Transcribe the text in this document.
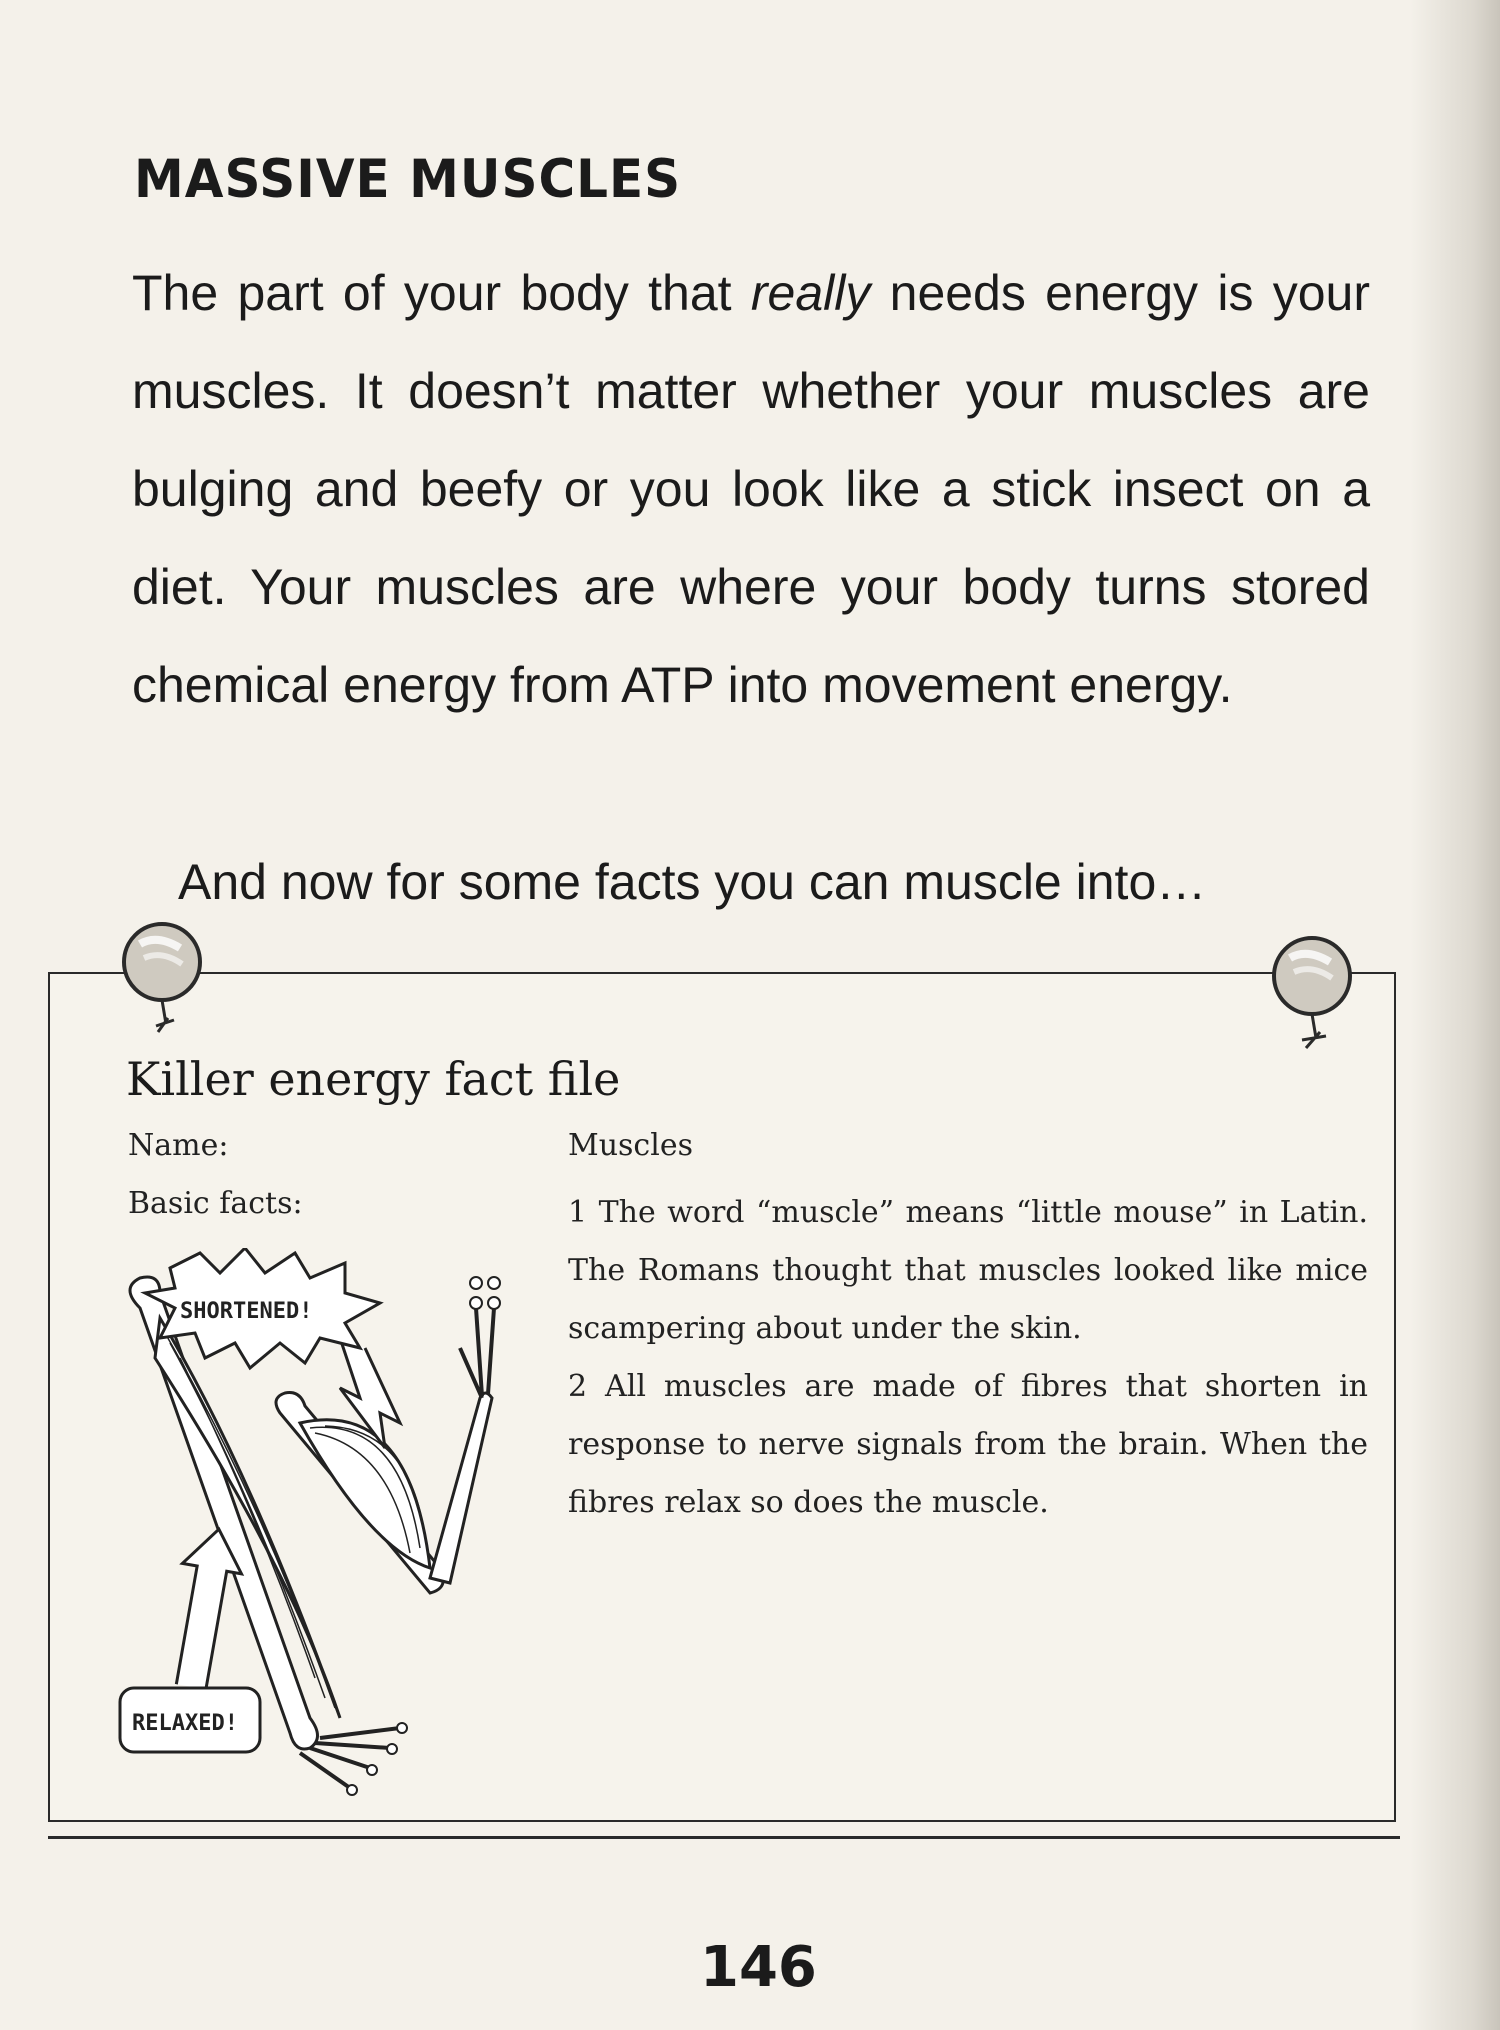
MASSIVE MUSCLES

The part of your body that really needs energy is your muscles. It doesn’t matter whether your muscles are bulging and beefy or you look like a stick insect on a diet. Your muscles are where your body turns stored chemical energy from ATP into movement energy.

And now for some facts you can muscle into…
Killer energy fact file
Name:
Basic facts:
Muscles

1 The word “muscle” means “little mouse” in Latin. The Romans thought that muscles looked like mice scampering about under the skin.

2 All muscles are made of fibres that shorten in response to nerve signals from the brain. When the fibres relax so does the muscle.

SHORTENED!
RELAXED!
146
